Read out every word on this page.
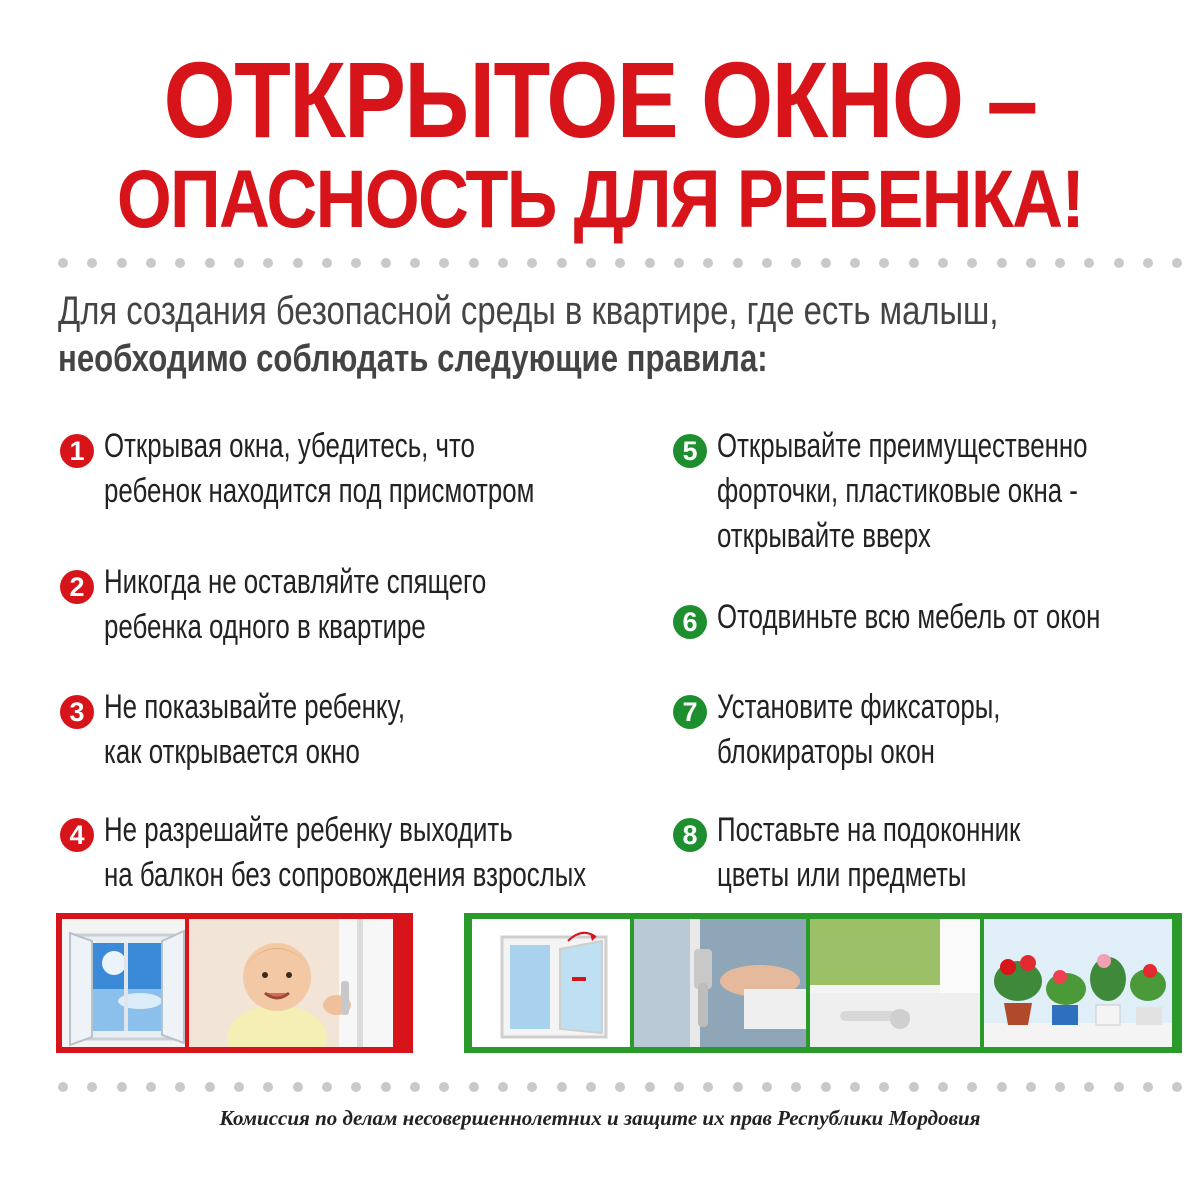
ОТКРЫТОЕ ОКНО –
ОПАСНОСТЬ ДЛЯ РЕБЕНКА!
Для создания безопасной среды в квартире, где есть малыш,
необходимо соблюдать следующие правила:
1 Открывая окна, убедитесь, что
ребенок находится под присмотром
2 Никогда не оставляйте спящего
ребенка одного в квартире
3 Не показывайте ребенку,
как открывается окно
4 Не разрешайте ребенку выходить
на балкон без сопровождения взрослых
5 Открывайте преимущественно
форточки, пластиковые окна -
открывайте вверх
6 Отодвиньте всю мебель от окон
7 Установите фиксаторы,
блокираторы окон
8 Поставьте на подоконник
цветы или предметы
Комиссия по делам несовершеннолетних и защите их прав Республики Мордовия
